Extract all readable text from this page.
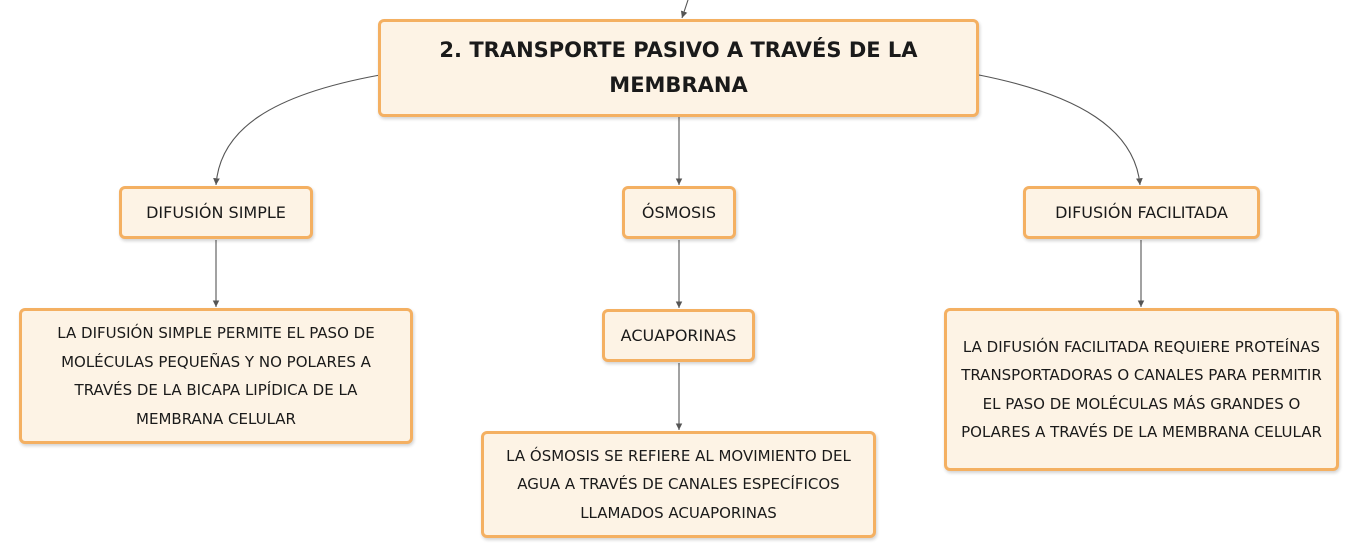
2. TRANSPORTE PASIVO A TRAVÉS DE LA MEMBRANA
DIFUSIÓN SIMPLE	ÓSMOSIS	DIFUSIÓN FACILITADA
ACUAPORINAS
LA DIFUSIÓN SIMPLE PERMITE EL PASO DE MOLÉCULAS PEQUEÑAS Y NO POLARES A TRAVÉS DE LA BICAPA LIPÍDICA DE LA MEMBRANA CELULAR
LA ÓSMOSIS SE REFIERE AL MOVIMIENTO DEL AGUA A TRAVÉS DE CANALES ESPECÍFICOS LLAMADOS ACUAPORINAS
LA DIFUSIÓN FACILITADA REQUIERE PROTEÍNAS TRANSPORTADORAS O CANALES PARA PERMITIR EL PASO DE MOLÉCULAS MÁS GRANDES O POLARES A TRAVÉS DE LA MEMBRANA CELULAR
